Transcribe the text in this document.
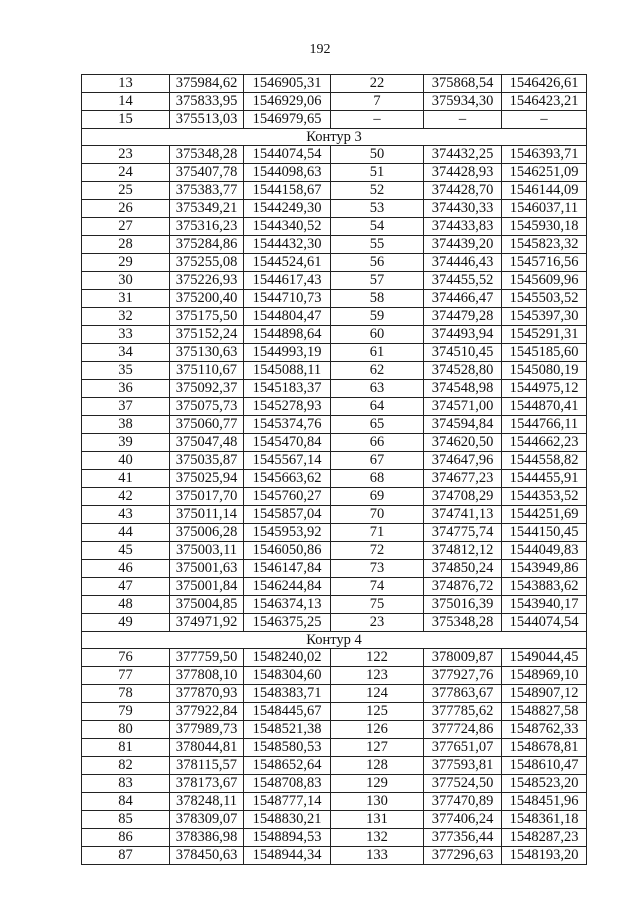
192
13	375984,62	1546905,31	22	375868,54	1546426,61
14	375833,95	1546929,06	7	375934,30	1546423,21
15	375513,03	1546979,65	–	–	–
Контур 3					
23	375348,28	1544074,54	50	374432,25	1546393,71
24	375407,78	1544098,63	51	374428,93	1546251,09
25	375383,77	1544158,67	52	374428,70	1546144,09
26	375349,21	1544249,30	53	374430,33	1546037,11
27	375316,23	1544340,52	54	374433,83	1545930,18
28	375284,86	1544432,30	55	374439,20	1545823,32
29	375255,08	1544524,61	56	374446,43	1545716,56
30	375226,93	1544617,43	57	374455,52	1545609,96
31	375200,40	1544710,73	58	374466,47	1545503,52
32	375175,50	1544804,47	59	374479,28	1545397,30
33	375152,24	1544898,64	60	374493,94	1545291,31
34	375130,63	1544993,19	61	374510,45	1545185,60
35	375110,67	1545088,11	62	374528,80	1545080,19
36	375092,37	1545183,37	63	374548,98	1544975,12
37	375075,73	1545278,93	64	374571,00	1544870,41
38	375060,77	1545374,76	65	374594,84	1544766,11
39	375047,48	1545470,84	66	374620,50	1544662,23
40	375035,87	1545567,14	67	374647,96	1544558,82
41	375025,94	1545663,62	68	374677,23	1544455,91
42	375017,70	1545760,27	69	374708,29	1544353,52
43	375011,14	1545857,04	70	374741,13	1544251,69
44	375006,28	1545953,92	71	374775,74	1544150,45
45	375003,11	1546050,86	72	374812,12	1544049,83
46	375001,63	1546147,84	73	374850,24	1543949,86
47	375001,84	1546244,84	74	374876,72	1543883,62
48	375004,85	1546374,13	75	375016,39	1543940,17
49	374971,92	1546375,25	23	375348,28	1544074,54
Контур 4					
76	377759,50	1548240,02	122	378009,87	1549044,45
77	377808,10	1548304,60	123	377927,76	1548969,10
78	377870,93	1548383,71	124	377863,67	1548907,12
79	377922,84	1548445,67	125	377785,62	1548827,58
80	377989,73	1548521,38	126	377724,86	1548762,33
81	378044,81	1548580,53	127	377651,07	1548678,81
82	378115,57	1548652,64	128	377593,81	1548610,47
83	378173,67	1548708,83	129	377524,50	1548523,20
84	378248,11	1548777,14	130	377470,89	1548451,96
85	378309,07	1548830,21	131	377406,24	1548361,18
86	378386,98	1548894,53	132	377356,44	1548287,23
87	378450,63	1548944,34	133	377296,63	1548193,20
